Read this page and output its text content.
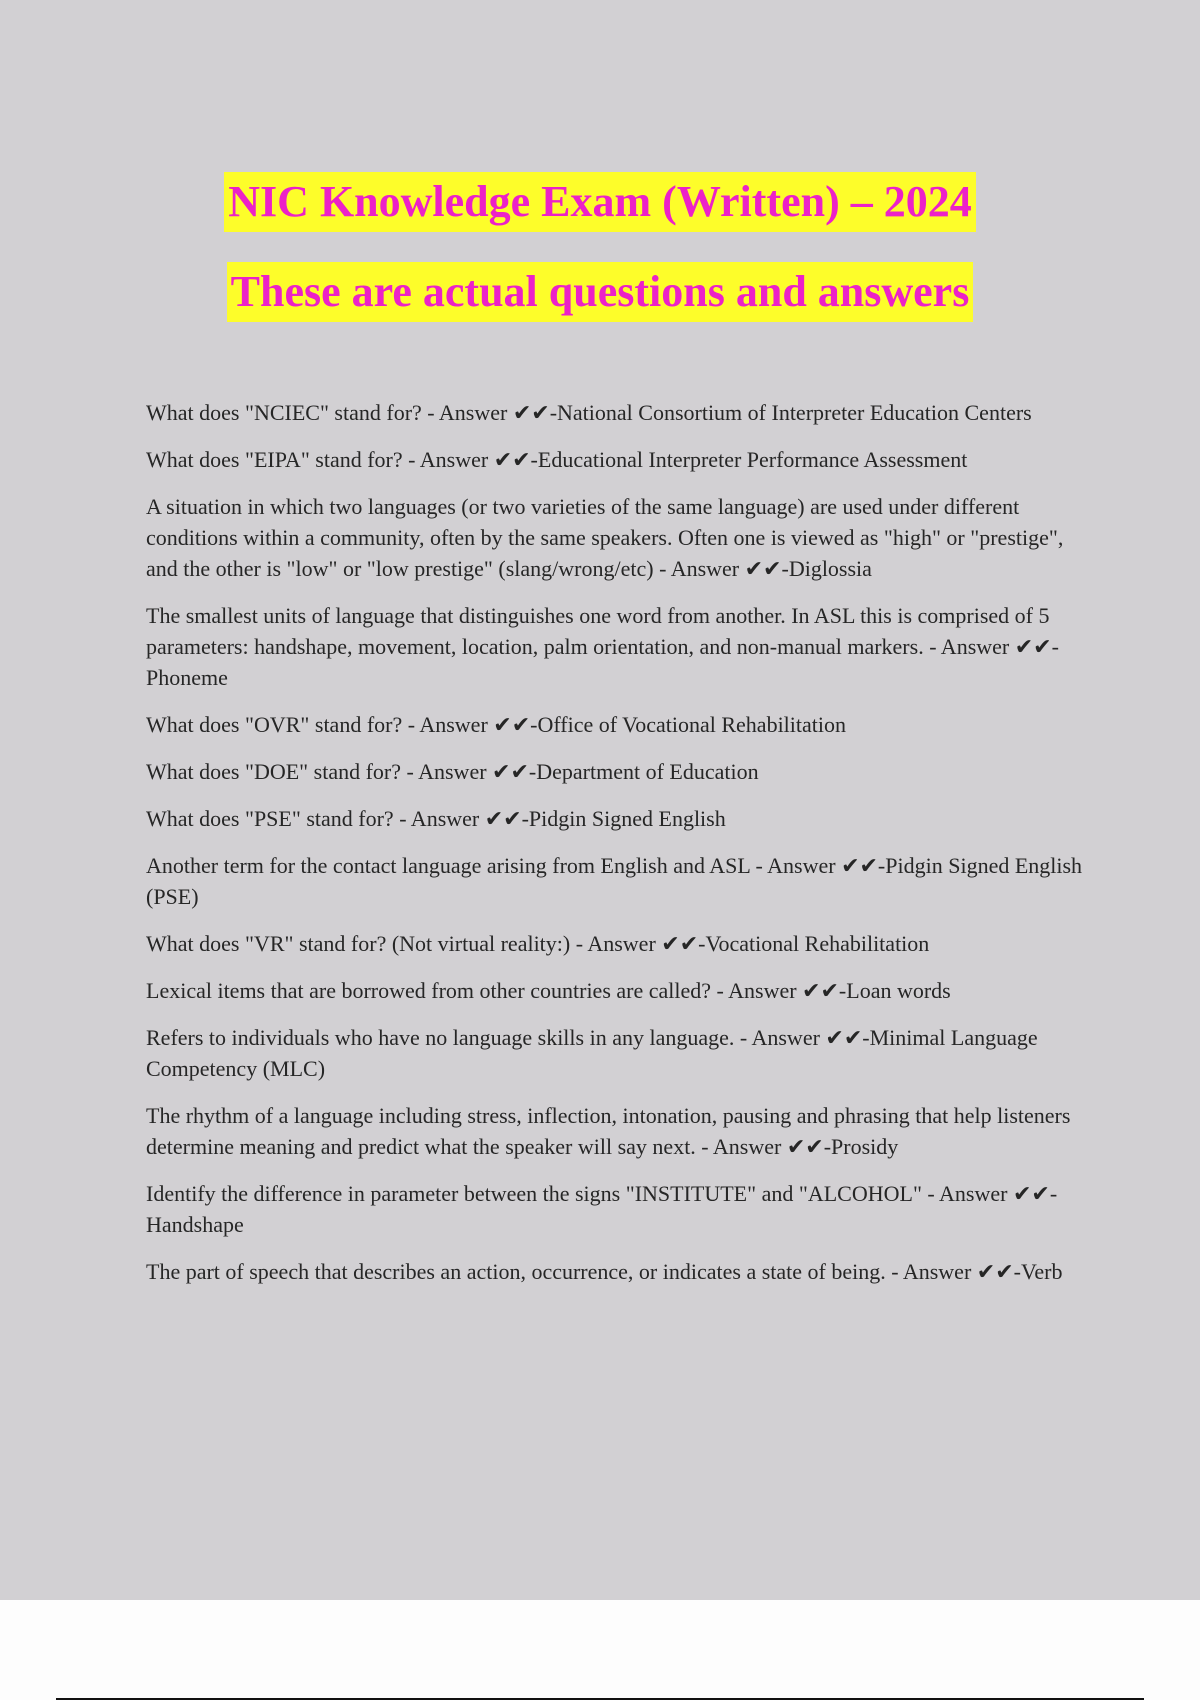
NIC Knowledge Exam (Written) – 2024
These are actual questions and answers
What does "NCIEC" stand for? - Answer ✔✔-National Consortium of Interpreter Education Centers
What does "EIPA" stand for? - Answer ✔✔-Educational Interpreter Performance Assessment
A situation in which two languages (or two varieties of the same language) are used under different conditions within a community, often by the same speakers. Often one is viewed as "high" or "prestige", and the other is "low" or "low prestige" (slang/wrong/etc) - Answer ✔✔-Diglossia
The smallest units of language that distinguishes one word from another. In ASL this is comprised of 5 parameters: handshape, movement, location, palm orientation, and non-manual markers. - Answer ✔✔-Phoneme
What does "OVR" stand for? - Answer ✔✔-Office of Vocational Rehabilitation
What does "DOE" stand for? - Answer ✔✔-Department of Education
What does "PSE" stand for? - Answer ✔✔-Pidgin Signed English
Another term for the contact language arising from English and ASL - Answer ✔✔-Pidgin Signed English (PSE)
What does "VR" stand for? (Not virtual reality:) - Answer ✔✔-Vocational Rehabilitation
Lexical items that are borrowed from other countries are called? - Answer ✔✔-Loan words
Refers to individuals who have no language skills in any language. - Answer ✔✔-Minimal Language Competency (MLC)
The rhythm of a language including stress, inflection, intonation, pausing and phrasing that help listeners determine meaning and predict what the speaker will say next. - Answer ✔✔-Prosidy
Identify the difference in parameter between the signs "INSTITUTE" and "ALCOHOL" - Answer ✔✔-Handshape
The part of speech that describes an action, occurrence, or indicates a state of being. - Answer ✔✔-Verb
